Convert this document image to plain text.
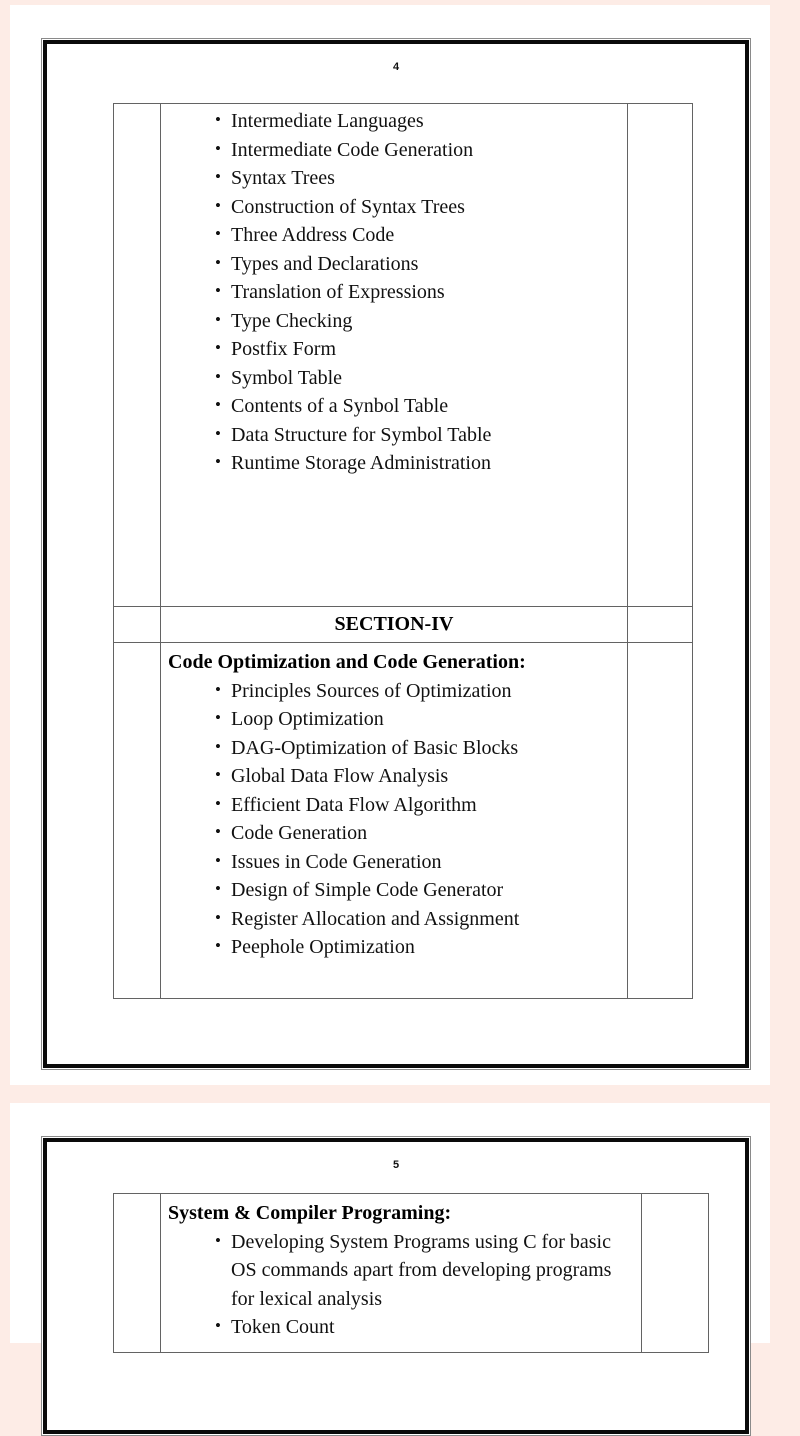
4

• Intermediate Languages
• Intermediate Code Generation
• Syntax Trees
• Construction of Syntax Trees
• Three Address Code
• Types and Declarations
• Translation of Expressions
• Type Checking
• Postfix Form
• Symbol Table
• Contents of a Synbol Table
• Data Structure for Symbol Table
• Runtime Storage Administration

	SECTION-IV	

Code Optimization and Code Generation:
• Principles Sources of Optimization
• Loop Optimization
• DAG-Optimization of Basic Blocks
• Global Data Flow Analysis
• Efficient Data Flow Algorithm
• Code Generation
• Issues in Code Generation
• Design of Simple Code Generator
• Register Allocation and Assignment
• Peephole Optimization

5

System & Compiler Programing:
• Developing System Programs using C for basic OS commands apart from developing programs for lexical analysis
• Token Count
